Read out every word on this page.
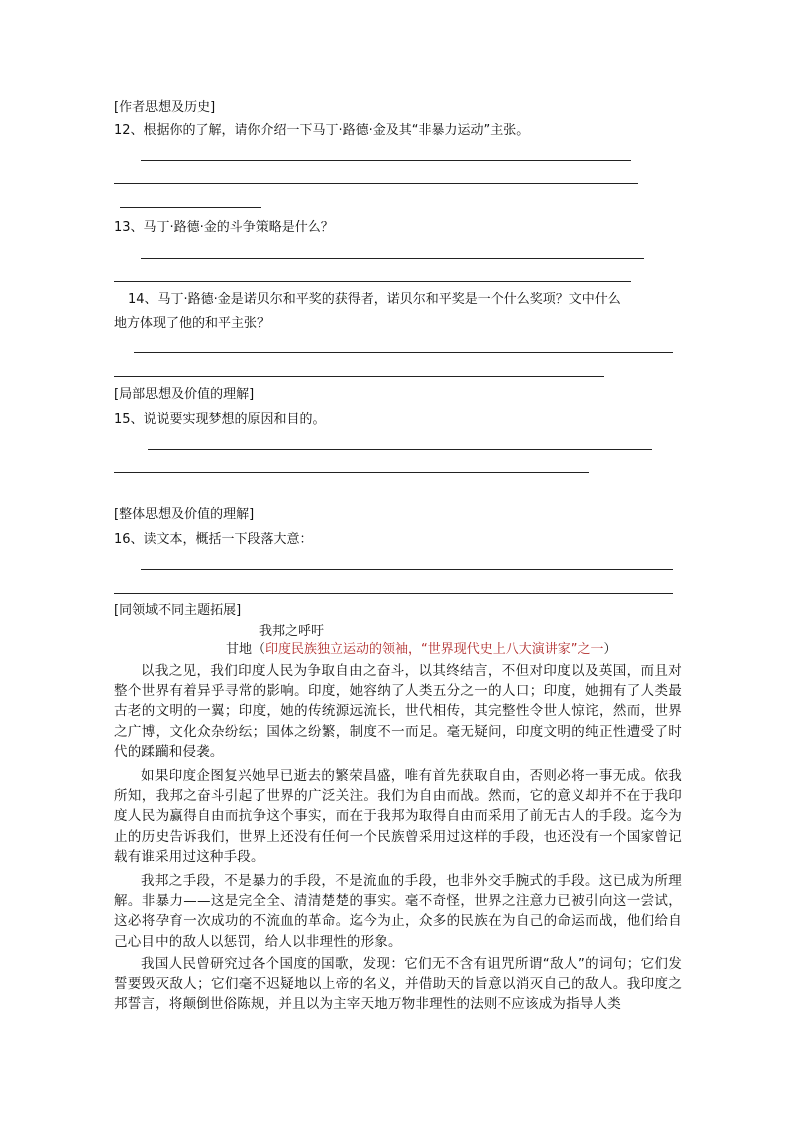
[作者思想及历史]
12、根据你的了解，请你介绍一下马丁·路德·金及其“非暴力运动”主张。
13、马丁·路德·金的斗争策略是什么？
14、马丁·路德·金是诺贝尔和平奖的获得者，诺贝尔和平奖是一个什么奖项？文中什么
地方体现了他的和平主张？
[局部思想及价值的理解]
15、说说要实现梦想的原因和目的。
[整体思想及价值的理解]
16、读文本，概括一下段落大意：
[同领域不同主题拓展]
我邦之呼吁
甘地（印度民族独立运动的领袖，“世界现代史上八大演讲家”之一）
以我之见，我们印度人民为争取自由之奋斗，以其终结言，不但对印度以及英国，而且对整个世界有着异乎寻常的影响。印度，她容纳了人类五分之一的人口；印度，她拥有了人类最古老的文明的一翼；印度，她的传统源远流长，世代相传，其完整性令世人惊诧，然而，世界之广博，文化众杂纷纭；国体之纷繁，制度不一而足。毫无疑问，印度文明的纯正性遭受了时代的蹂躏和侵袭。
如果印度企图复兴她早已逝去的繁荣昌盛，唯有首先获取自由，否则必将一事无成。依我所知，我邦之奋斗引起了世界的广泛关注。我们为自由而战。然而，它的意义却并不在于我印度人民为赢得自由而抗争这个事实，而在于我邦为取得自由而采用了前无古人的手段。迄今为止的历史告诉我们，世界上还没有任何一个民族曾采用过这样的手段，也还没有一个国家曾记载有谁采用过这种手段。
我邦之手段，不是暴力的手段，不是流血的手段，也非外交手腕式的手段。这已成为所理解。非暴力——这是完全全、清清楚楚的事实。毫不奇怪，世界之注意力已被引向这一尝试，这必将孕育一次成功的不流血的革命。迄今为止，众多的民族在为自己的命运而战，他们给自己心目中的敌人以惩罚，给人以非理性的形象。
我国人民曾研究过各个国度的国歌，发现：它们无不含有诅咒所谓“敌人”的词句；它们发誓要毁灭敌人；它们毫不迟疑地以上帝的名义，并借助天的旨意以消灭自己的敌人。我印度之邦誓言，将颠倒世俗陈规，并且以为主宰天地万物非理性的法则不应该成为指导人类
